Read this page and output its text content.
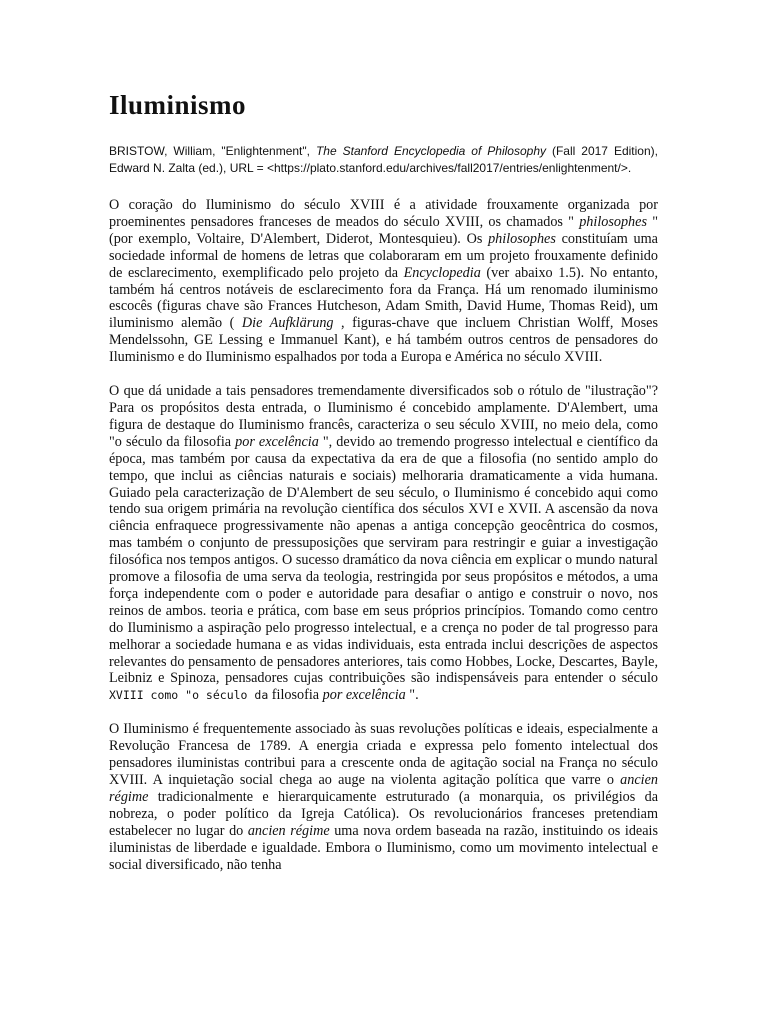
Iluminismo
BRISTOW, William, "Enlightenment", The Stanford Encyclopedia of Philosophy (Fall 2017 Edition), Edward N. Zalta (ed.), URL = <https://plato.stanford.edu/archives/fall2017/entries/enlightenment/>.

O coração do Iluminismo do século XVIII é a atividade frouxamente organizada por proeminentes pensadores franceses de meados do século XVIII, os chamados " philosophes " (por exemplo, Voltaire, D'Alembert, Diderot, Montesquieu). Os philosophes constituíam uma sociedade informal de homens de letras que colaboraram em um projeto frouxamente definido de esclarecimento, exemplificado pelo projeto da Encyclopedia (ver abaixo 1.5). No entanto, também há centros notáveis de esclarecimento fora da França. Há um renomado iluminismo escocês (figuras chave são Frances Hutcheson, Adam Smith, David Hume, Thomas Reid), um iluminismo alemão ( Die Aufklärung , figuras-chave que incluem Christian Wolff, Moses Mendelssohn, GE Lessing e Immanuel Kant), e há também outros centros de pensadores do Iluminismo e do Iluminismo espalhados por toda a Europa e América no século XVIII.

O que dá unidade a tais pensadores tremendamente diversificados sob o rótulo de "ilustração"? Para os propósitos desta entrada, o Iluminismo é concebido amplamente. D'Alembert, uma figura de destaque do Iluminismo francês, caracteriza o seu século XVIII, no meio dela, como "o século da filosofia por excelência ", devido ao tremendo progresso intelectual e científico da época, mas também por causa da expectativa da era de que a filosofia (no sentido amplo do tempo, que inclui as ciências naturais e sociais) melhoraria dramaticamente a vida humana. Guiado pela caracterização de D'Alembert de seu século, o Iluminismo é concebido aqui como tendo sua origem primária na revolução científica dos séculos XVI e XVII. A ascensão da nova ciência enfraquece progressivamente não apenas a antiga concepção geocêntrica do cosmos, mas também o conjunto de pressuposições que serviram para restringir e guiar a investigação filosófica nos tempos antigos. O sucesso dramático da nova ciência em explicar o mundo natural promove a filosofia de uma serva da teologia, restringida por seus propósitos e métodos, a uma força independente com o poder e autoridade para desafiar o antigo e construir o novo, nos reinos de ambos. teoria e prática, com base em seus próprios princípios. Tomando como centro do Iluminismo a aspiração pelo progresso intelectual, e a crença no poder de tal progresso para melhorar a sociedade humana e as vidas individuais, esta entrada inclui descrições de aspectos relevantes do pensamento de pensadores anteriores, tais como Hobbes, Locke, Descartes, Bayle, Leibniz e Spinoza, pensadores cujas contribuições são indispensáveis para entender o século XVIII como "o século da filosofia por excelência ".

O Iluminismo é frequentemente associado às suas revoluções políticas e ideais, especialmente a Revolução Francesa de 1789. A energia criada e expressa pelo fomento intelectual dos pensadores iluministas contribui para a crescente onda de agitação social na França no século XVIII. A inquietação social chega ao auge na violenta agitação política que varre o ancien régime tradicionalmente e hierarquicamente estruturado (a monarquia, os privilégios da nobreza, o poder político da Igreja Católica). Os revolucionários franceses pretendiam estabelecer no lugar do ancien régime uma nova ordem baseada na razão, instituindo os ideais iluministas de liberdade e igualdade. Embora o Iluminismo, como um movimento intelectual e social diversificado, não tenha
